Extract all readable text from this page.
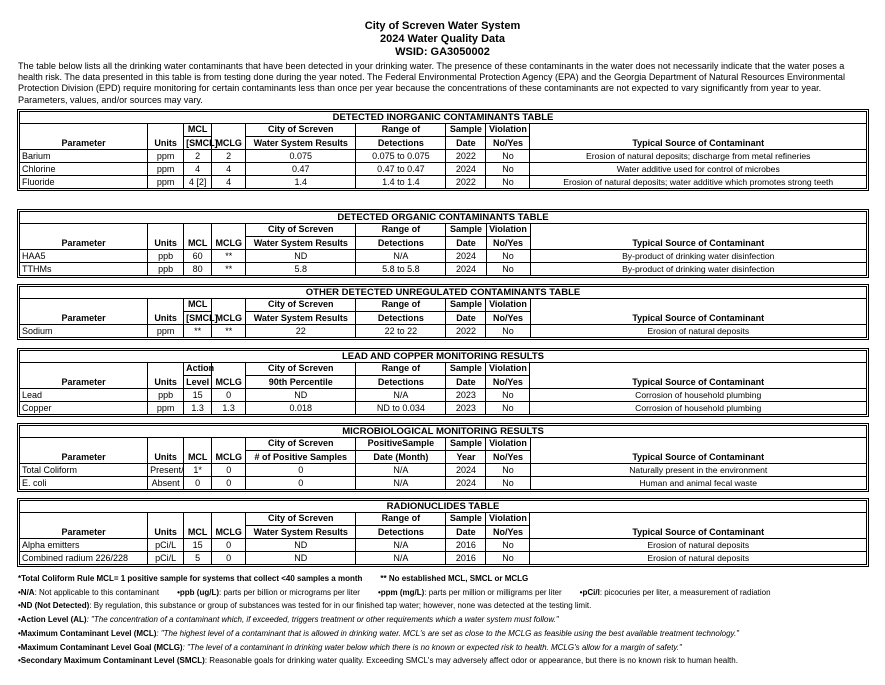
City of Screven Water System
2024 Water Quality Data
WSID: GA3050002
The table below lists all the drinking water contaminants that have been detected in your drinking water. The presence of these contaminants in the water does not necessarily indicate that the water poses a health risk. The data presented in this table is from testing done during the year noted. The Federal Environmental Protection Agency (EPA) and the Georgia Department of Natural Resources Environmental Protection Division (EPD) require monitoring for certain contaminants less than once per year because the concentrations of these contaminants are not expected to vary significantly from year to year. Parameters, values, and/or sources may vary.
DETECTED INORGANIC CONTAMINANTS TABLE								
Parameter	Units	MCL	MCLG	City of Screven	Range of	Sample	Violation	Typical Source of Contaminant
		[SMCL]		Water System Results	Detections	Date	No/Yes	
Barium	ppm	2	2	0.075	0.075 to 0.075	2022	No	Erosion of natural deposits; discharge from metal refineries
Chlorine	ppm	4	4	0.47	0.47 to 0.47	2024	No	Water additive used for control of microbes
Fluoride	ppm	4 [2]	4	1.4	1.4 to 1.4	2022	No	Erosion of natural deposits; water additive which promotes strong teeth
DETECTED ORGANIC CONTAMINANTS TABLE								
Parameter	Units	MCL	MCLG	City of Screven	Range of	Sample	Violation	Typical Source of Contaminant
				Water System Results	Detections	Date	No/Yes	
HAA5	ppb	60	**	ND	N/A	2024	No	By-product of drinking water disinfection
TTHMs	ppb	80	**	5.8	5.8 to 5.8	2024	No	By-product of drinking water disinfection
OTHER DETECTED UNREGULATED CONTAMINANTS TABLE								
Parameter	Units	MCL	MCLG	City of Screven	Range of	Sample	Violation	Typical Source of Contaminant
		[SMCL]		Water System Results	Detections	Date	No/Yes	
Sodium	ppm	**	**	22	22 to 22	2022	No	Erosion of natural deposits
LEAD AND COPPER MONITORING RESULTS								
Parameter	Units	Action	MCLG	City of Screven	Range of	Sample	Violation	Typical Source of Contaminant
		Level		90th Percentile	Detections	Date	No/Yes	
Lead	ppb	15	0	ND	N/A	2023	No	Corrosion of household plumbing
Copper	ppm	1.3	1.3	0.018	ND to 0.034	2023	No	Corrosion of household plumbing
MICROBIOLOGICAL MONITORING RESULTS								
Parameter	Units	MCL	MCLG	City of Screven	PositiveSample	Sample	Violation	Typical Source of Contaminant
				# of Positive Samples	Date (Month)	Year	No/Yes	
Total Coliform	Present/	1*	0	0	N/A	2024	No	Naturally present in the environment
E. coli	Absent	0	0	0	N/A	2024	No	Human and animal fecal waste
RADIONUCLIDES TABLE								
Parameter	Units	MCL	MCLG	City of Screven	Range of	Sample	Violation	Typical Source of Contaminant
				Water System Results	Detections	Date	No/Yes	
Alpha emitters	pCi/L	15	0	ND	N/A	2016	No	Erosion of natural deposits
Combined radium 226/228	pCi/L	5	0	ND	N/A	2016	No	Erosion of natural deposits
*Total Coliform Rule MCL= 1 positive sample for systems that collect <40 samples a month ** No established MCL, SMCL or MCLG
•N/A: Not applicable to this contaminant •ppb (ug/L): parts per billion or micrograms per liter •ppm (mg/L): parts per million or milligrams per liter •pCi/l: picocuries per liter, a measurement of radiation
•ND (Not Detected): By regulation, this substance or group of substances was tested for in our finished tap water; however, none was detected at the testing limit.
•Action Level (AL): "The concentration of a contaminant which, if exceeded, triggers treatment or other requirements which a water system must follow."
•Maximum Contaminant Level (MCL): "The highest level of a contaminant that is allowed in drinking water. MCL's are set as close to the MCLG as feasible using the best available treatment technology."
•Maximum Contaminant Level Goal (MCLG): "The level of a contaminant in drinking water below which there is no known or expected risk to health. MCLG's allow for a margin of safety."
•Secondary Maximum Contaminant Level (SMCL): Reasonable goals for drinking water quality. Exceeding SMCL's may adversely affect odor or appearance, but there is no known risk to human health.
